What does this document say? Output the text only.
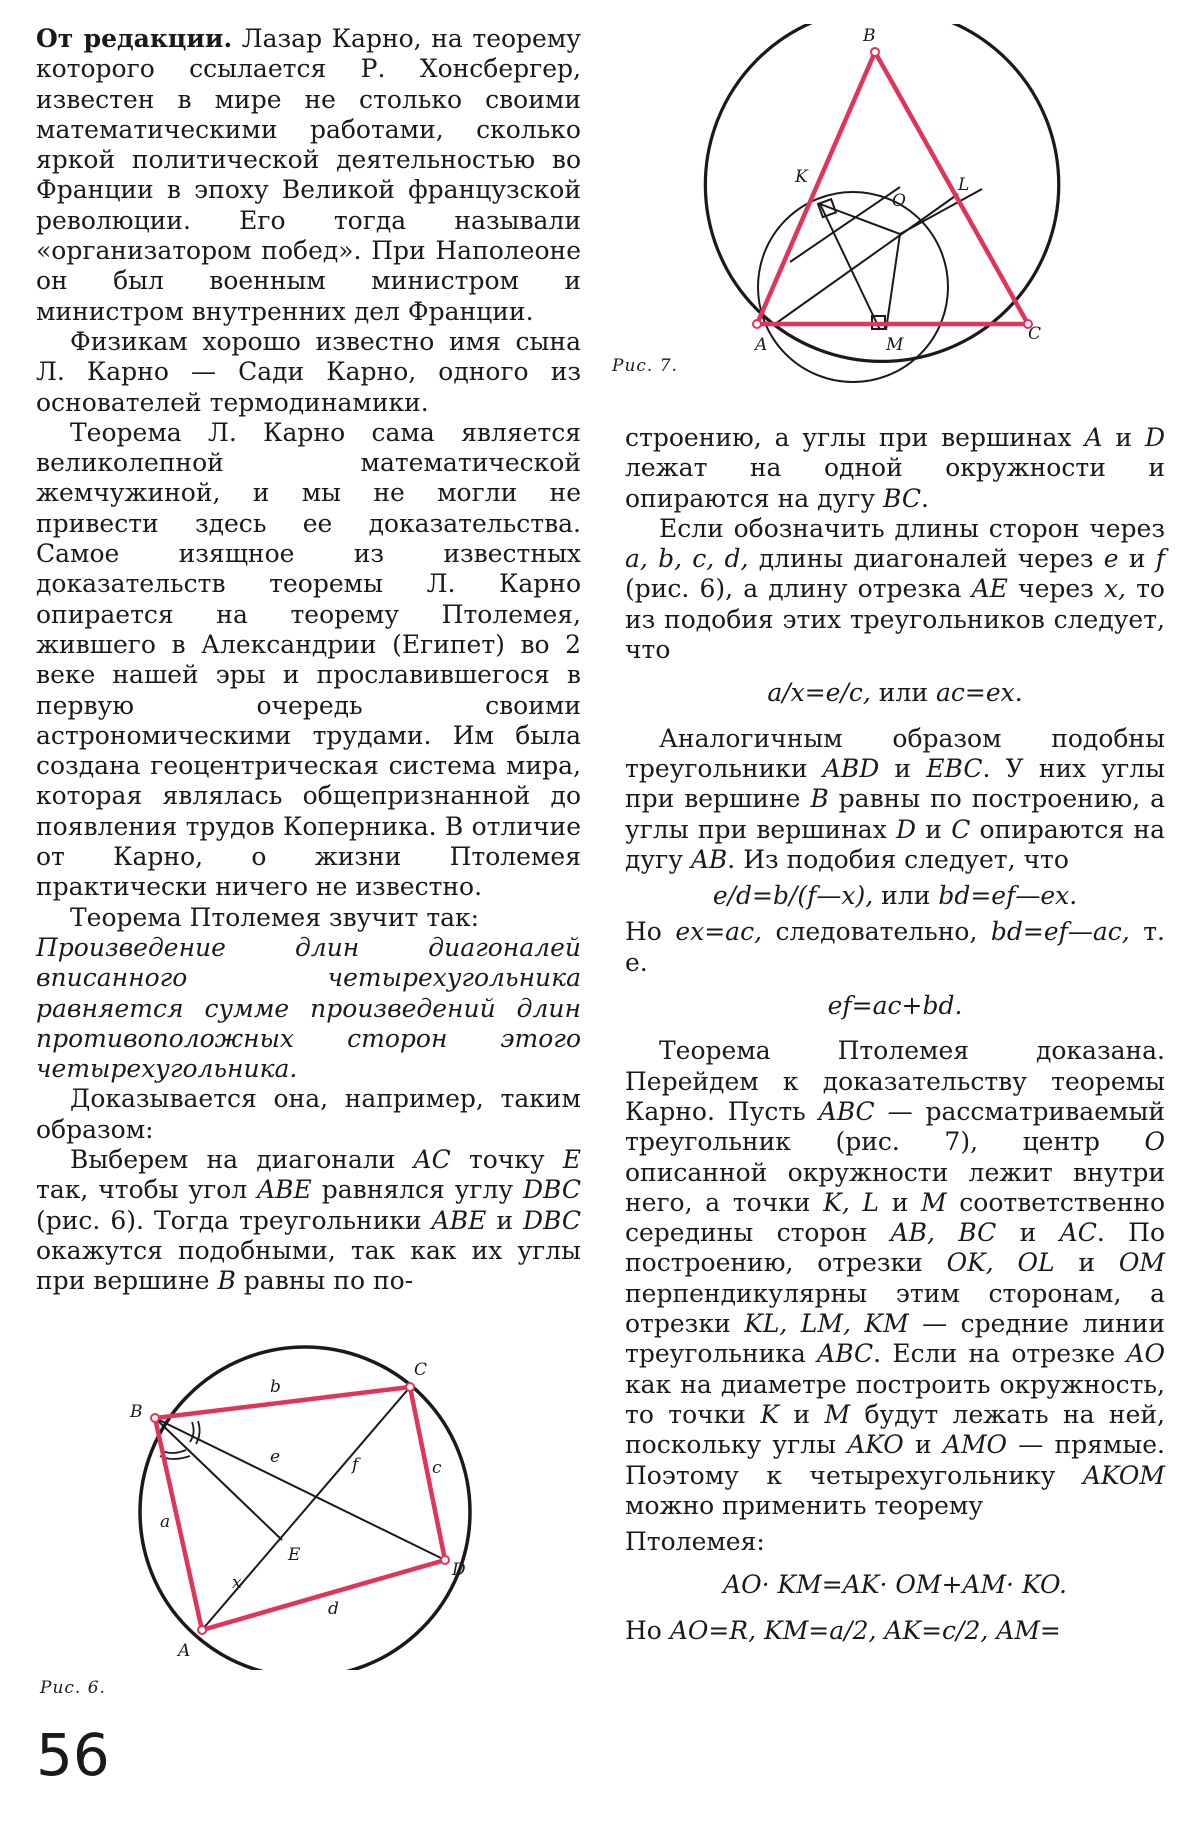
B
K	L
O
A	M
C
Рис. 7.
B
C
D
A
E
a
b
c
d
e	f
x
Рис. 6.

От редакции. Лазар Карно, на теорему которого ссылается Р. Хонсбергер, известен в мире не столько своими математическими работами, сколько яркой политической деятельностью во Франции в эпоху Великой французской революции. Его тогда называли «организатором побед». При Наполеоне он был военным министром и министром внутренних дел Франции.

Физикам хорошо известно имя сына Л. Карно — Сади Карно, одного из основателей термодинамики.

Теорема Л. Карно сама является великолепной математической жемчужиной, и мы не могли не привести здесь ее доказательства. Самое изящное из известных доказательств теоремы Л. Карно опирается на теорему Птолемея, жившего в Александрии (Египет) во 2 веке нашей эры и прославившегося в первую очередь своими астрономическими трудами. Им была создана геоцентрическая система мира, которая являлась общепризнанной до появления трудов Коперника. В отличие от Карно, о жизни Птолемея практически ничего не известно.

Теорема Птолемея звучит так:

Произведение длин диагоналей вписанного четырехугольника равняется сумме произведений длин противоположных сторон этого четырехугольника.

Доказывается она, например, таким образом:

Выберем на диагонали AC точку E так, чтобы угол ABE равнялся углу DBC (рис. 6). Тогда треугольники ABE и DBC окажутся подобными, так как их углы при вершине B равны по по-

строению, а углы при вершинах A и D лежат на одной окружности и опираются на дугу BC.

Если обозначить длины сторон через a, b, c, d, длины диагоналей через e и f (рис. 6), а длину отрезка AE через x, то из подобия этих треугольников следует, что

a/x=e/c, или ac=ex.

Аналогичным образом подобны треугольники ABD и EBC. У них углы при вершине B равны по построению, а углы при вершинах D и C опираются на дугу AB. Из подобия следует, что

e/d=b/(f—x), или bd=ef—ex.

Но ex=ac, следовательно, bd=ef—ac, т. е.

ef=ac+bd.

Теорема Птолемея доказана. Перейдем к доказательству теоремы Карно. Пусть ABC — рассматриваемый треугольник (рис. 7), центр O описанной окружности лежит внутри него, а точки K, L и M соответственно середины сторон AB, BC и AC. По построению, отрезки OK, OL и OM перпендикулярны этим сторонам, а отрезки KL, LM, KM — средние линии треугольника ABC. Если на отрезке AO как на диаметре построить окружность, то точки K и M будут лежать на ней, поскольку углы AKO и AMO — прямые. Поэтому к четырехугольнику AKOM можно применить теорему

Птолемея:

AO· KM=AK· OM+AM· KO.

Но AO=R, KM=a/2, AK=c/2, AM=

56
